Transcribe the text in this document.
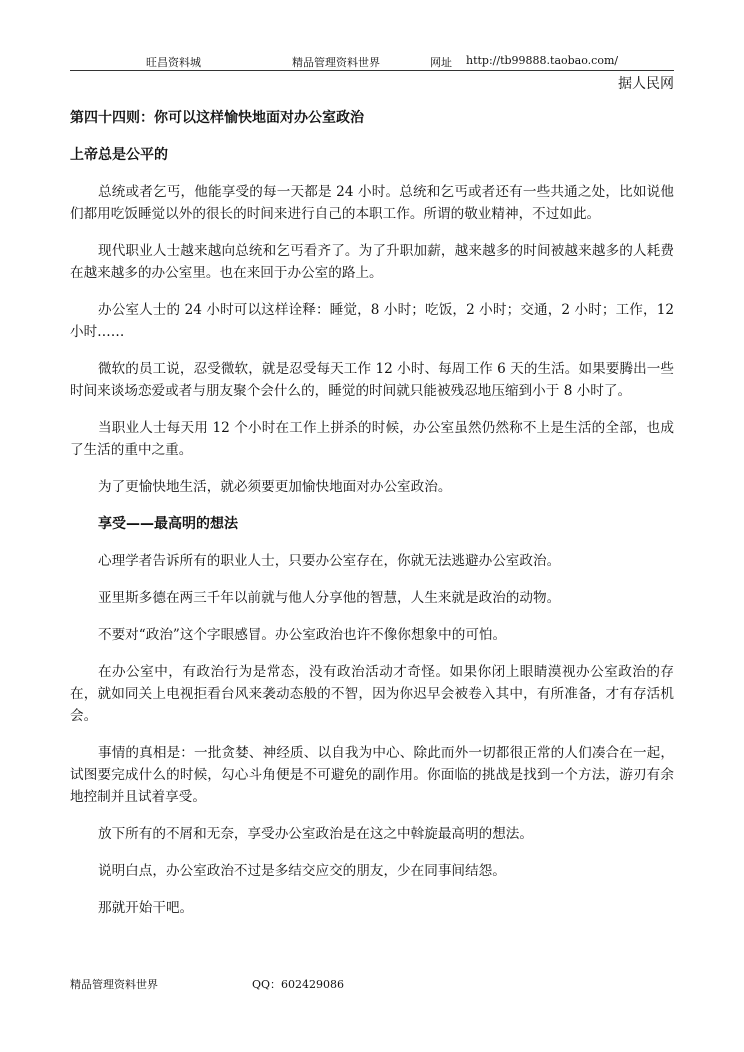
旺昌资料城	精品管理资料世界	网址 http://tb99888.taobao.com/
据人民网
第四十四则：你可以这样愉快地面对办公室政治
上帝总是公平的

总统或者乞丐，他能享受的每一天都是 24 小时。总统和乞丐或者还有一些共通之处，比如说他们都用吃饭睡觉以外的很长的时间来进行自己的本职工作。所谓的敬业精神，不过如此。

现代职业人士越来越向总统和乞丐看齐了。为了升职加薪，越来越多的时间被越来越多的人耗费在越来越多的办公室里。也在来回于办公室的路上。

办公室人士的 24 小时可以这样诠释：睡觉，8 小时；吃饭，2 小时；交通，2 小时；工作，12 小时……

微软的员工说，忍受微软，就是忍受每天工作 12 小时、每周工作 6 天的生活。如果要腾出一些时间来谈场恋爱或者与朋友聚个会什么的，睡觉的时间就只能被残忍地压缩到小于 8 小时了。

当职业人士每天用 12 个小时在工作上拼杀的时候，办公室虽然仍然称不上是生活的全部，也成了生活的重中之重。

为了更愉快地生活，就必须要更加愉快地面对办公室政治。

享受——最高明的想法

心理学者告诉所有的职业人士，只要办公室存在，你就无法逃避办公室政治。

亚里斯多德在两三千年以前就与他人分享他的智慧，人生来就是政治的动物。

不要对“政治”这个字眼感冒。办公室政治也许不像你想象中的可怕。

在办公室中，有政治行为是常态，没有政治活动才奇怪。如果你闭上眼睛漠视办公室政治的存在，就如同关上电视拒看台风来袭动态般的不智，因为你迟早会被卷入其中，有所准备，才有存活机会。

事情的真相是：一批贪婪、神经质、以自我为中心、除此而外一切都很正常的人们凑合在一起，试图要完成什么的时候，勾心斗角便是不可避免的副作用。你面临的挑战是找到一个方法，游刃有余地控制并且试着享受。

放下所有的不屑和无奈，享受办公室政治是在这之中斡旋最高明的想法。

说明白点，办公室政治不过是多结交应交的朋友，少在同事间结怨。

那就开始干吧。

精品管理资料世界	QQ：602429086
